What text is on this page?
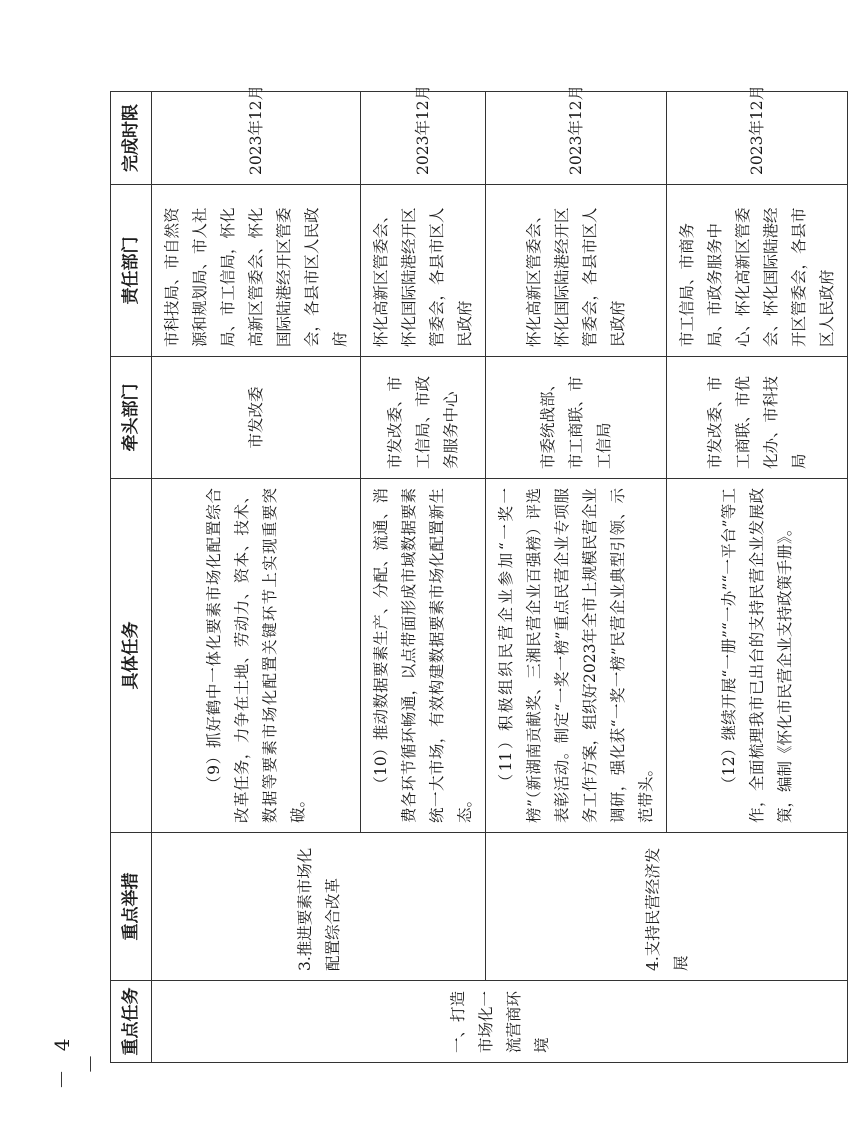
－ 4 －
重点任务	重点举措	具体任务	牵头部门	责任部门	完成时限
一、打造市场化一流营商环境	3.推进要素市场化配置综合改革	（9）抓好鹤中一体化要素市场化配置综合改革任务，力争在土地、劳动力、资本、技术、数据等要素市场化配置关键环节上实现重要突破。	市发改委	市科技局、市自然资源和规划局、市人社局、市工信局，怀化高新区管委会、怀化国际陆港经开区管委会，各县市区人民政府	2023年12月
		（10）推动数据要素生产、分配、流通、消费各环节循环畅通，以点带面形成市域数据要素统一大市场，有效构建数据要素市场化配置新生态。	市发改委、市工信局、市政务服务中心	怀化高新区管委会、怀化国际陆港经开区管委会，各县市区人民政府	2023年12月
	4.支持民营经济发展	（11）积极组织民营企业参加“一奖一榜”（新湖南贡献奖、三湘民营企业百强榜）评选表彰活动。制定“一奖一榜”重点民营企业专项服务工作方案，组织好2023年全市上规模民营企业调研，强化获“一奖一榜”民营企业典型引领、示范带头。	市委统战部、市工商联、市工信局	怀化高新区管委会、怀化国际陆港经开区管委会，各县市区人民政府	2023年12月
		（12）继续开展“一册”“一办”“一平台”等工作，全面梳理我市已出台的支持民营企业发展政策，编制《怀化市民营企业支持政策手册》。	市发改委、市工商联、市优化办、市科技局	市工信局、市商务局、市政务服务中心、怀化高新区管委会、怀化国际陆港经开区管委会，各县市区人民政府	2023年12月
